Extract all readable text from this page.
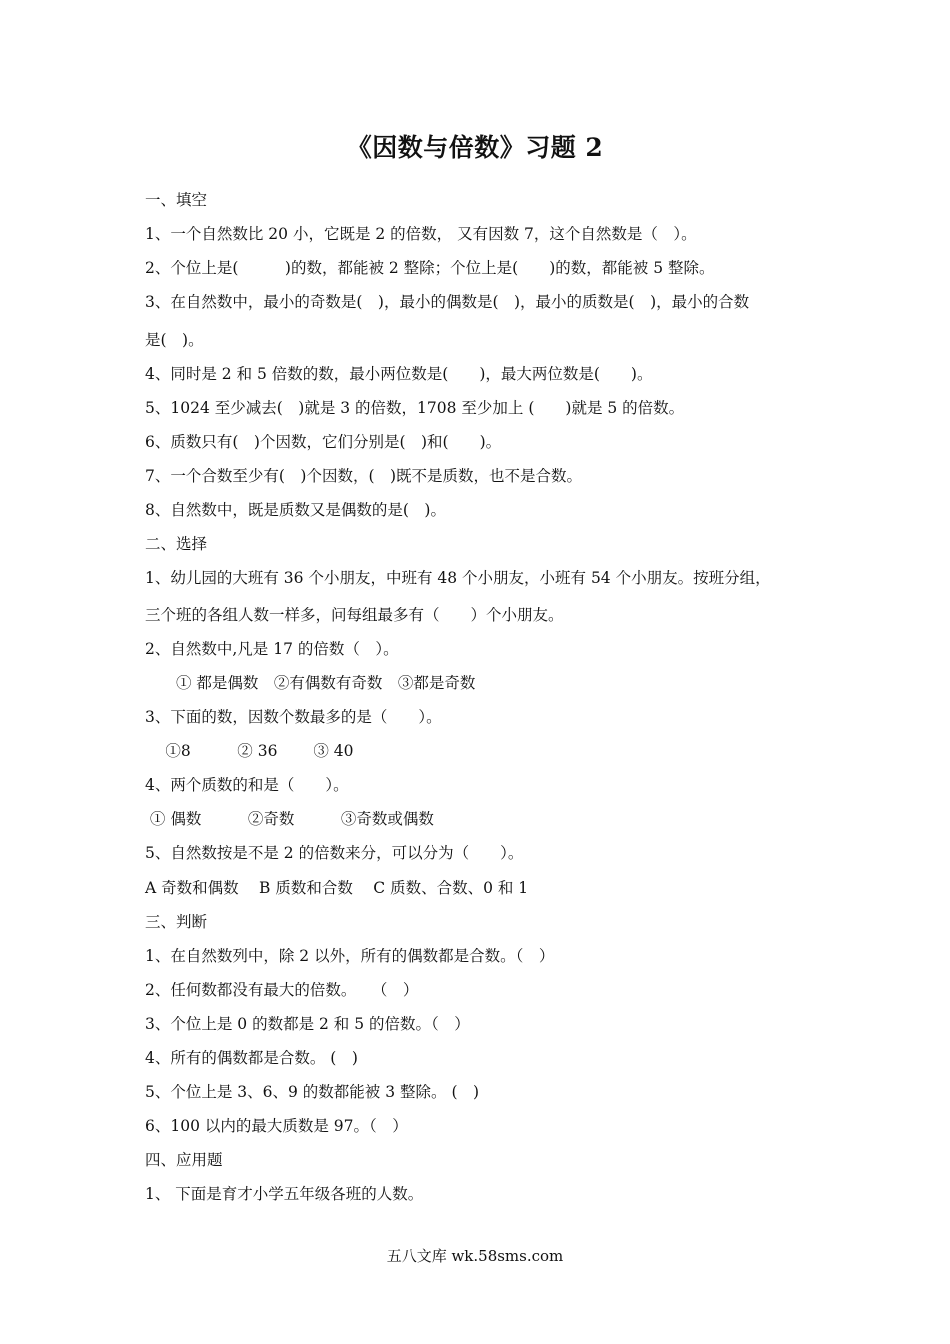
《因数与倍数》习题 2
一、填空
1、一个自然数比 20 小，它既是 2 的倍数， 又有因数 7，这个自然数是（　）。
2、个位上是(　　　)的数，都能被 2 整除；个位上是(　　)的数，都能被 5 整除。
3、在自然数中，最小的奇数是(　)，最小的偶数是(　)，最小的质数是(　)，最小的合数
是(　)。
4、同时是 2 和 5 倍数的数，最小两位数是(　　)，最大两位数是(　　)。
5、1024 至少减去(　)就是 3 的倍数，1708 至少加上 (　　)就是 5 的倍数。
6、质数只有(　)个因数，它们分别是(　)和(　　)。
7、一个合数至少有(　)个因数，(　)既不是质数，也不是合数。
8、自然数中，既是质数又是偶数的是(　)。
二、选择
1、幼儿园的大班有 36 个小朋友，中班有 48 个小朋友，小班有 54 个小朋友。按班分组，
三个班的各组人数一样多，问每组最多有（　　）个小朋友。
2、自然数中,凡是 17 的倍数（　）。
　　① 都是偶数　②有偶数有奇数　③都是奇数
3、下面的数，因数个数最多的是（　　）。
　 ①8　　　② 36　　 ③ 40
4、两个质数的和是（　　）。
① 偶数　　　②奇数　　　③奇数或偶数
5、自然数按是不是 2 的倍数来分，可以分为（　　）。
A 奇数和偶数　 B 质数和合数　 C 质数、合数、0 和 1
三、判断
1、在自然数列中，除 2 以外，所有的偶数都是合数。（　）
2、任何数都没有最大的倍数。　　（　）
3、个位上是 0 的数都是 2 和 5 的倍数。（　）
4、所有的偶数都是合数。 (　)
5、个位上是 3、6、9 的数都能被 3 整除。 (　)
6、100 以内的最大质数是 97。（　）
四、应用题
1、 下面是育才小学五年级各班的人数。
五八文库 wk.58sms.com
